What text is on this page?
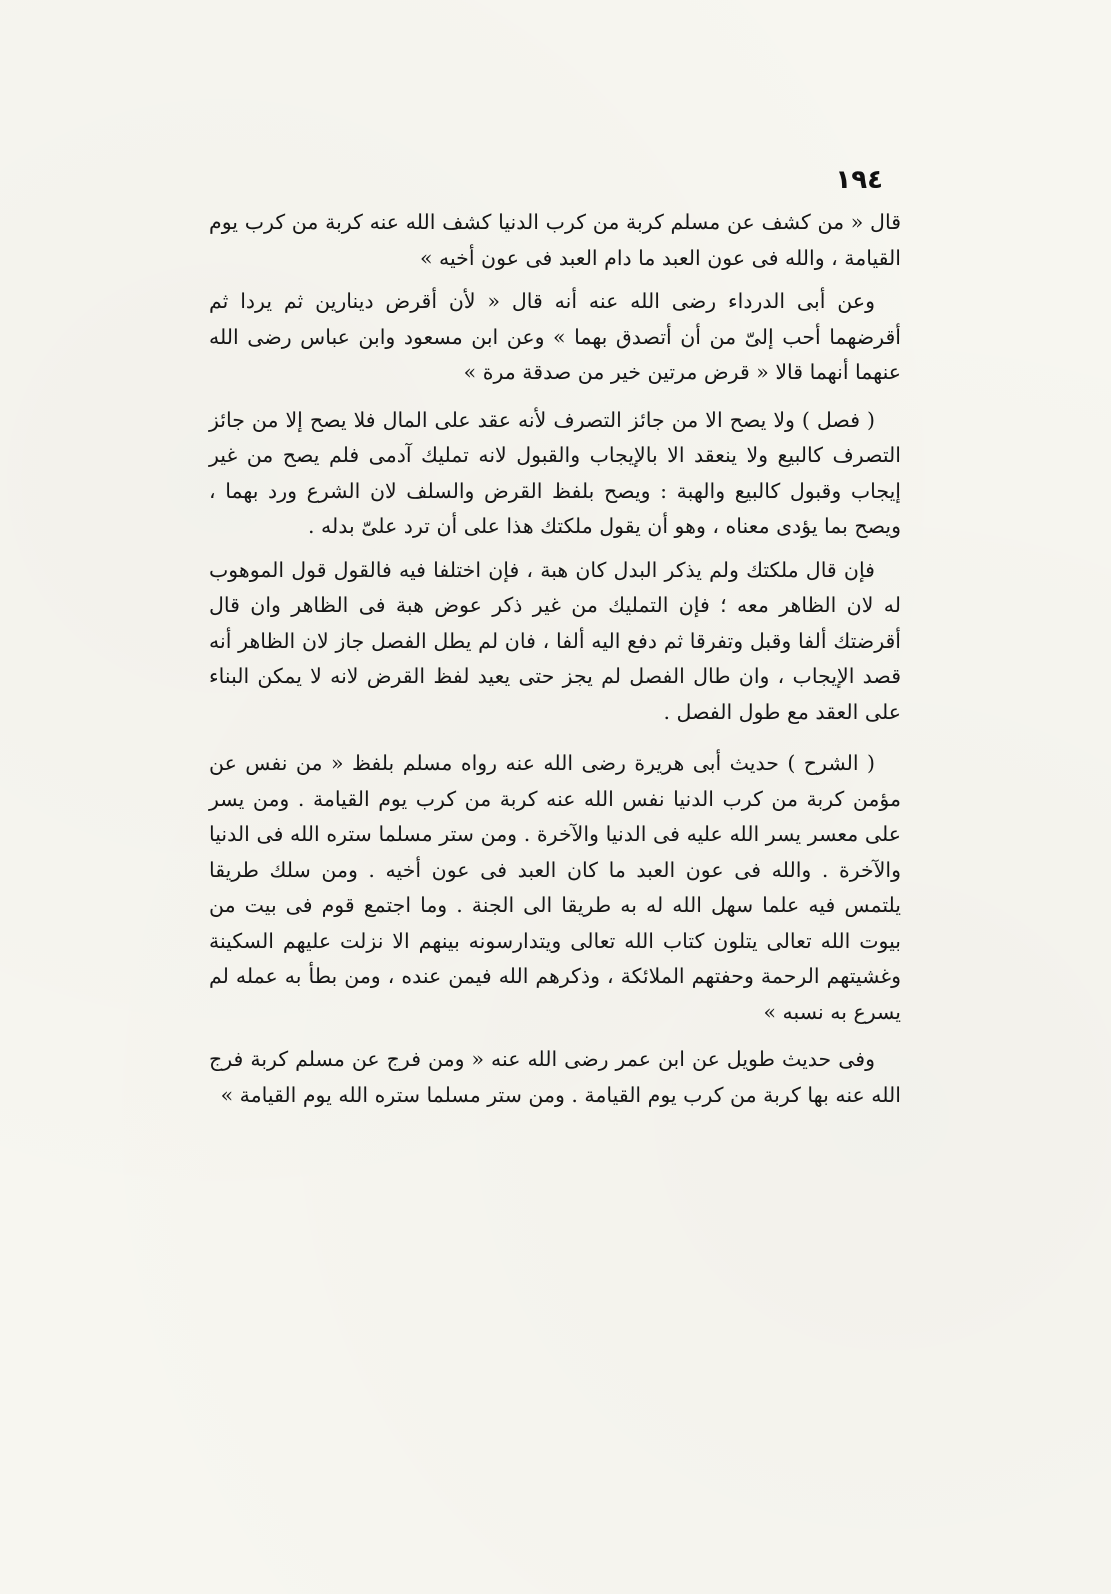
١٩٤

قال « من كشف عن مسلم كربة من كرب الدنيا كشف الله عنه كربة من كرب يوم القيامة ، والله فى عون العبد ما دام العبد فى عون أخيه »

وعن أبى الدرداء رضى الله عنه أنه قال « لأن أقرض دينارين ثم يردا ثم أقرضهما أحب إلىّ من أن أتصدق بهما » وعن ابن مسعود وابن عباس رضى الله عنهما أنهما قالا « قرض مرتين خير من صدقة مرة »

( فصل ) ولا يصح الا من جائز التصرف لأنه عقد على المال فلا يصح إلا من جائز التصرف كالبيع ولا ينعقد الا بالإيجاب والقبول لانه تمليك آدمى فلم يصح من غير إيجاب وقبول كالبيع والهبة : ويصح بلفظ القرض والسلف لان الشرع ورد بهما ، ويصح بما يؤدى معناه ، وهو أن يقول ملكتك هذا على أن ترد علىّ بدله .

فإن قال ملكتك ولم يذكر البدل كان هبة ، فإن اختلفا فيه فالقول قول الموهوب له لان الظاهر معه ؛ فإن التمليك من غير ذكر عوض هبة فى الظاهر وان قال أقرضتك ألفا وقبل وتفرقا ثم دفع اليه ألفا ، فان لم يطل الفصل جاز لان الظاهر أنه قصد الإيجاب ، وان طال الفصل لم يجز حتى يعيد لفظ القرض لانه لا يمكن البناء على العقد مع طول الفصل .

( الشرح ) حديث أبى هريرة رضى الله عنه رواه مسلم بلفظ « من نفس عن مؤمن كربة من كرب الدنيا نفس الله عنه كربة من كرب يوم القيامة . ومن يسر على معسر يسر الله عليه فى الدنيا والآخرة . ومن ستر مسلما ستره الله فى الدنيا والآخرة . والله فى عون العبد ما كان العبد فى عون أخيه . ومن سلك طريقا يلتمس فيه علما سهل الله له به طريقا الى الجنة . وما اجتمع قوم فى بيت من بيوت الله تعالى يتلون كتاب الله تعالى ويتدارسونه بينهم الا نزلت عليهم السكينة وغشيتهم الرحمة وحفتهم الملائكة ، وذكرهم الله فيمن عنده ، ومن بطأ به عمله لم يسرع به نسبه »

وفى حديث طويل عن ابن عمر رضى الله عنه « ومن فرج عن مسلم كربة فرج الله عنه بها كربة من كرب يوم القيامة . ومن ستر مسلما ستره الله يوم القيامة »
